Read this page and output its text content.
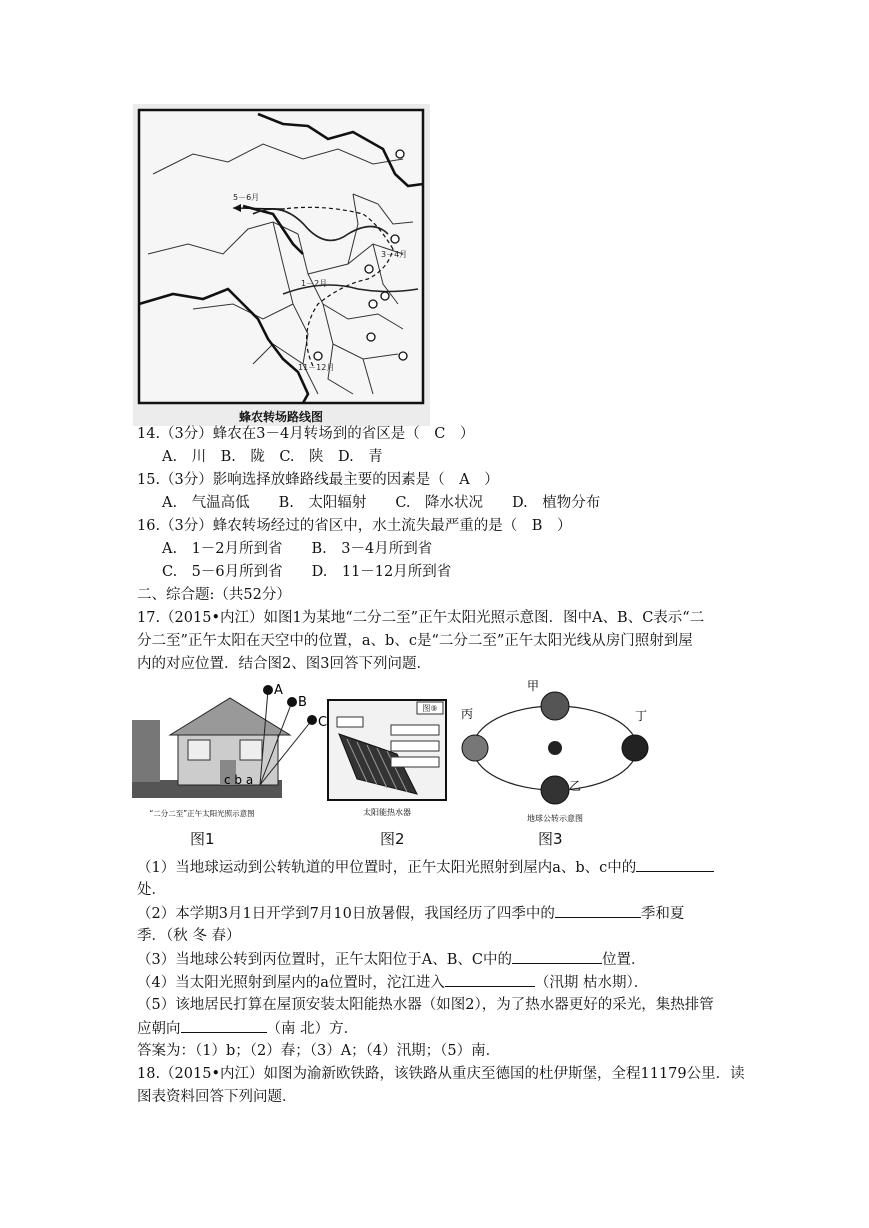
5－6月
3－4月
1－2月
11－12月
蜂农转场路线图
14.（3分）蜂农在3－4月转场到的省区是（　C　）
A.　川　B.　陇　C.　陕　D.　青
15.（3分）影响选择放蜂路线最主要的因素是（　A　）
A.　气温高低　　B.　太阳辐射　　C.　降水状况　　D.　植物分布
16.（3分）蜂农转场经过的省区中，水土流失最严重的是（　B　）
A.　1－2月所到省　　B.　3－4月所到省
C.　5－6月所到省　　D.　11－12月所到省
二、综合题:（共52分）
17.（2015•内江）如图1为某地“二分二至”正午太阳光照示意图．图中A、B、C表示“二
分二至”正午太阳在天空中的位置，a、b、c是“二分二至”正午太阳光线从房门照射到屋
内的对应位置．结合图2、图3回答下列问题．
A
B
C
c b a
“二分二至”正午太阳光照示意图
图1
图⑨
太阳能热水器
图2
甲
乙
丙	丁
地球公转示意图
图3
（1）当地球运动到公转轨道的甲位置时，正午太阳光照射到屋内a、b、c中的
处．
（2）本学期3月1日开学到7月10日放暑假，我国经历了四季中的	季和夏
季．（秋 冬 春）
（3）当地球公转到丙位置时，正午太阳位于A、B、C中的	位置．
（4）当太阳光照射到屋内的a位置时，沱江进入	（汛期 枯水期）．
（5）该地居民打算在屋顶安装太阳能热水器（如图2），为了热水器更好的采光，集热排管
应朝向	（南 北）方．
答案为：（1）b；（2）春；（3）A；（4）汛期；（5）南．
18.（2015•内江）如图为渝新欧铁路，该铁路从重庆至德国的杜伊斯堡，全程11179公里．读
图表资料回答下列问题．
